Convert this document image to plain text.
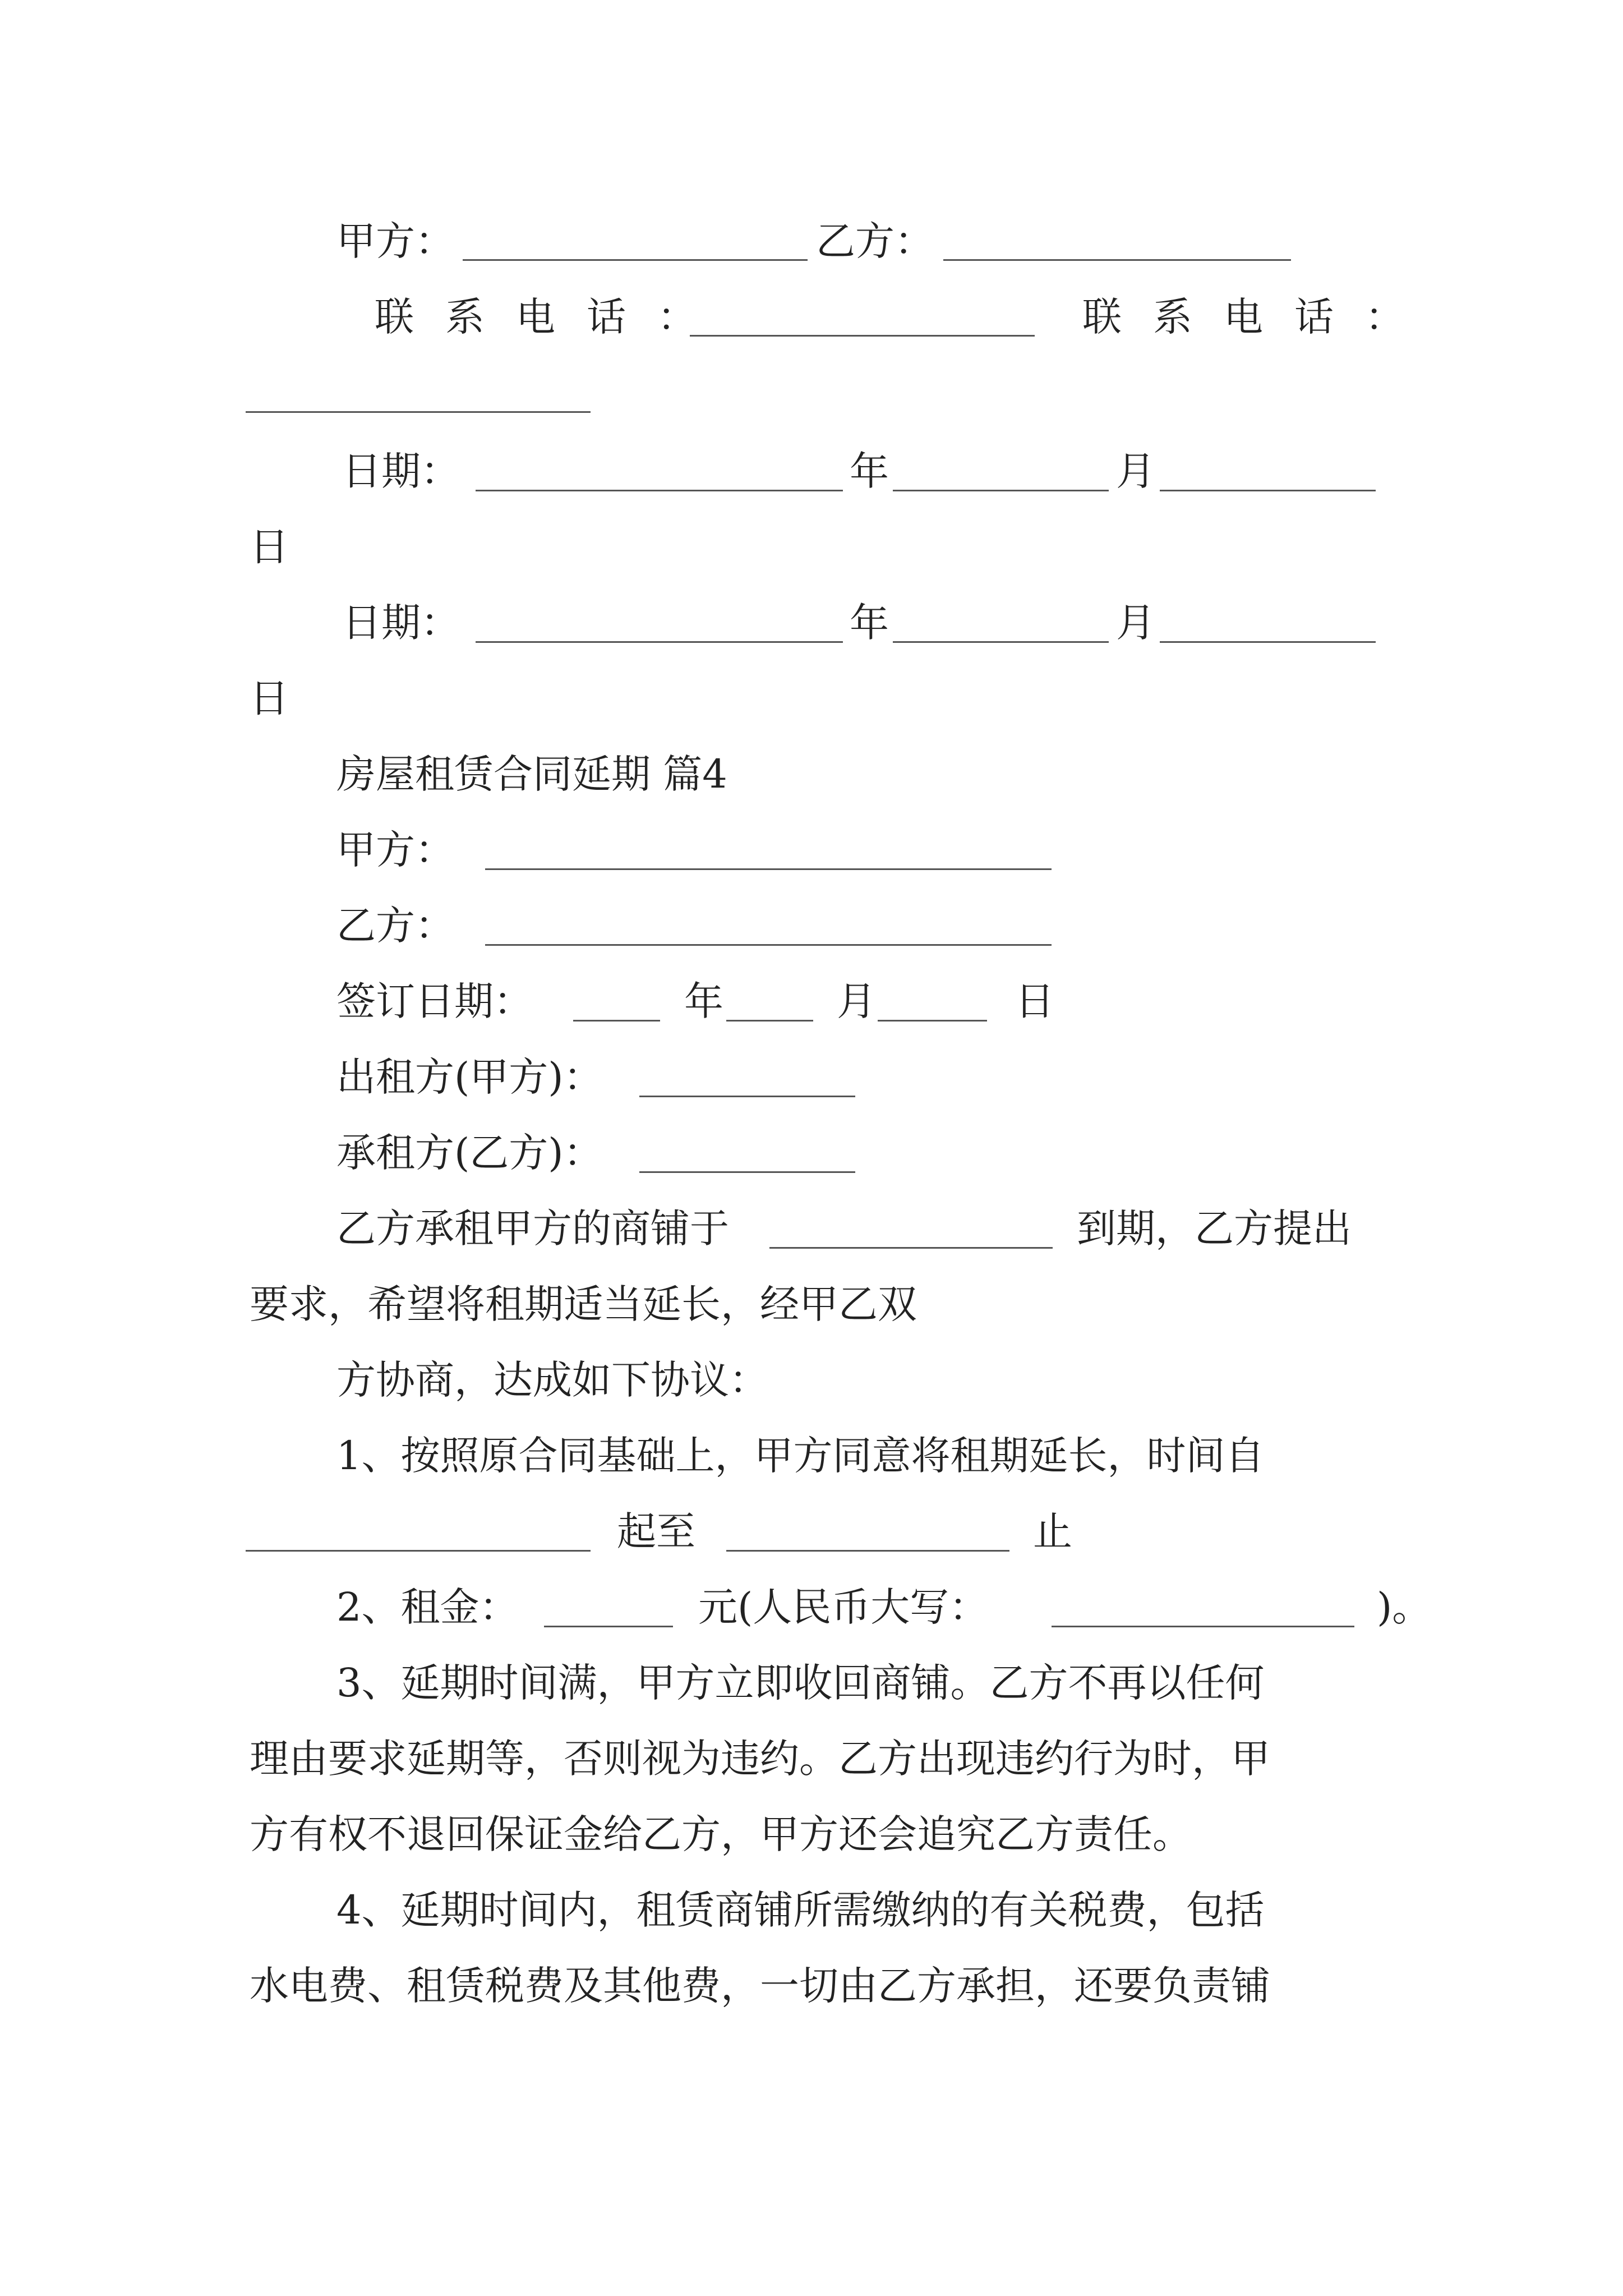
甲方：	乙方：
联系电话：	联系电话：
日期：	年	月
日
日期：	年	月
日
房屋租赁合同延期 篇4
甲方：
乙方：
签订日期：	年	月	日
出租方(甲方)：
承租方(乙方)：
乙方承租甲方的商铺于	到期，乙方提出
要求，希望将租期适当延长，经甲乙双
方协商，达成如下协议：
1、按照原合同基础上，甲方同意将租期延长，时间自
起至	止
2、租金：	元(人民币大写：	)。
3、延期时间满，甲方立即收回商铺。乙方不再以任何
理由要求延期等，否则视为违约。乙方出现违约行为时，甲
方有权不退回保证金给乙方，甲方还会追究乙方责任。
4、延期时间内，租赁商铺所需缴纳的有关税费，包括
水电费、租赁税费及其他费，一切由乙方承担，还要负责铺
